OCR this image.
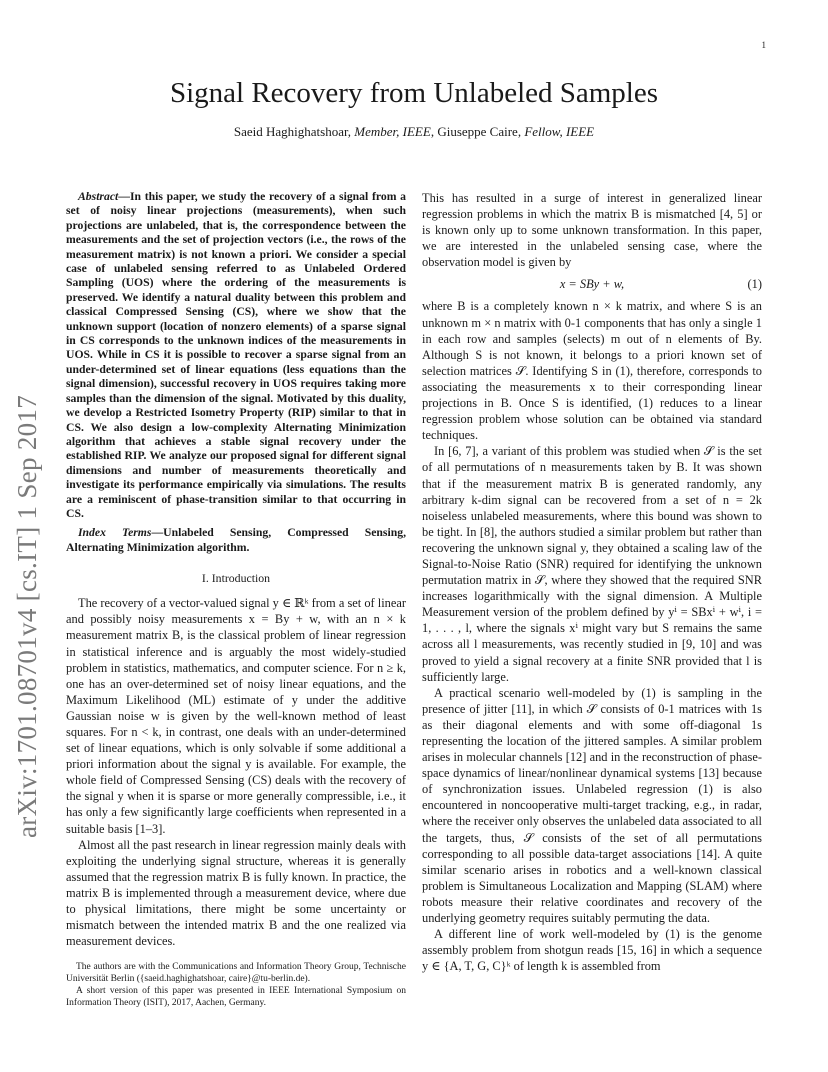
1
arXiv:1701.08701v4 [cs.IT] 1 Sep 2017
Signal Recovery from Unlabeled Samples
Saeid Haghighatshoar, Member, IEEE, Giuseppe Caire, Fellow, IEEE

Abstract—In this paper, we study the recovery of a signal from a set of noisy linear projections (measurements), when such projections are unlabeled, that is, the correspondence between the measurements and the set of projection vectors (i.e., the rows of the measurement matrix) is not known a priori. We consider a special case of unlabeled sensing referred to as Unlabeled Ordered Sampling (UOS) where the ordering of the measurements is preserved. We identify a natural duality between this problem and classical Compressed Sensing (CS), where we show that the unknown support (location of nonzero elements) of a sparse signal in CS corresponds to the unknown indices of the measurements in UOS. While in CS it is possible to recover a sparse signal from an under-determined set of linear equations (less equations than the signal dimension), successful recovery in UOS requires taking more samples than the dimension of the signal. Motivated by this duality, we develop a Restricted Isometry Property (RIP) similar to that in CS. We also design a low-complexity Alternating Minimization algorithm that achieves a stable signal recovery under the established RIP. We analyze our proposed signal for different signal dimensions and number of measurements theoretically and investigate its performance empirically via simulations. The results are a reminiscent of phase-transition similar to that occurring in CS.

Index Terms—Unlabeled Sensing, Compressed Sensing, Alternating Minimization algorithm.

I. Introduction

The recovery of a vector-valued signal y ∈ ℝᵏ from a set of linear and possibly noisy measurements x = By + w, with an n × k measurement matrix B, is the classical problem of linear regression in statistical inference and is arguably the most widely-studied problem in statistics, mathematics, and computer science. For n ≥ k, one has an over-determined set of noisy linear equations, and the Maximum Likelihood (ML) estimate of y under the additive Gaussian noise w is given by the well-known method of least squares. For n < k, in contrast, one deals with an under-determined set of linear equations, which is only solvable if some additional a priori information about the signal y is available. For example, the whole field of Compressed Sensing (CS) deals with the recovery of the signal y when it is sparse or more generally compressible, i.e., it has only a few significantly large coefficients when represented in a suitable basis [1–3].

Almost all the past research in linear regression mainly deals with exploiting the underlying signal structure, whereas it is generally assumed that the regression matrix B is fully known. In practice, the matrix B is implemented through a measurement device, where due to physical limitations, there might be some uncertainty or mismatch between the intended matrix B and the one realized via measurement devices.

The authors are with the Communications and Information Theory Group, Technische Universität Berlin ({saeid.haghighatshoar, caire}@tu-berlin.de).

A short version of this paper was presented in IEEE International Symposium on Information Theory (ISIT), 2017, Aachen, Germany.

This has resulted in a surge of interest in generalized linear regression problems in which the matrix B is mismatched [4, 5] or is known only up to some unknown transformation. In this paper, we are interested in the unlabeled sensing case, where the observation model is given by

x = SBy + w,	(1)

where B is a completely known n × k matrix, and where S is an unknown m × n matrix with 0-1 components that has only a single 1 in each row and samples (selects) m out of n elements of By. Although S is not known, it belongs to a priori known set of selection matrices 𝒮. Identifying S in (1), therefore, corresponds to associating the measurements x to their corresponding linear projections in B. Once S is identified, (1) reduces to a linear regression problem whose solution can be obtained via standard techniques.

In [6, 7], a variant of this problem was studied when 𝒮 is the set of all permutations of n measurements taken by B. It was shown that if the measurement matrix B is generated randomly, any arbitrary k-dim signal can be recovered from a set of n = 2k noiseless unlabeled measurements, where this bound was shown to be tight. In [8], the authors studied a similar problem but rather than recovering the unknown signal y, they obtained a scaling law of the Signal-to-Noise Ratio (SNR) required for identifying the unknown permutation matrix in 𝒮, where they showed that the required SNR increases logarithmically with the signal dimension. A Multiple Measurement version of the problem defined by yⁱ = SBxⁱ + wⁱ, i = 1, . . . , l, where the signals xⁱ might vary but S remains the same across all l measurements, was recently studied in [9, 10] and was proved to yield a signal recovery at a finite SNR provided that l is sufficiently large.

A practical scenario well-modeled by (1) is sampling in the presence of jitter [11], in which 𝒮 consists of 0-1 matrices with 1s as their diagonal elements and with some off-diagonal 1s representing the location of the jittered samples. A similar problem arises in molecular channels [12] and in the reconstruction of phase-space dynamics of linear/nonlinear dynamical systems [13] because of synchronization issues. Unlabeled regression (1) is also encountered in noncooperative multi-target tracking, e.g., in radar, where the receiver only observes the unlabeled data associated to all the targets, thus, 𝒮 consists of the set of all permutations corresponding to all possible data-target associations [14]. A quite similar scenario arises in robotics and a well-known classical problem is Simultaneous Localization and Mapping (SLAM) where robots measure their relative coordinates and recovery of the underlying geometry requires suitably permuting the data.

A different line of work well-modeled by (1) is the genome assembly problem from shotgun reads [15, 16] in which a sequence y ∈ {A, T, G, C}ᵏ of length k is assembled from
